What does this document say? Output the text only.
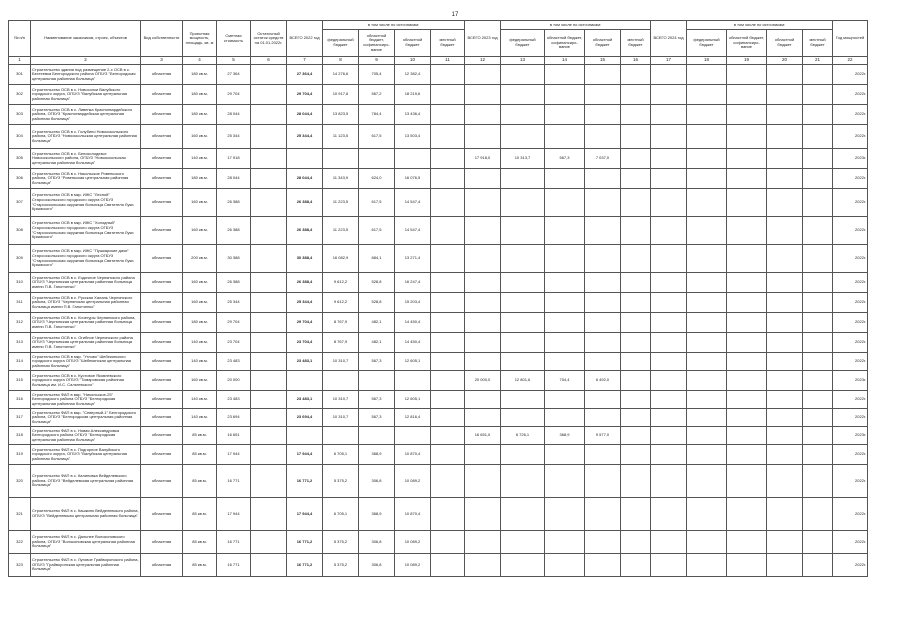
17
№ п/п	Наименование заказчиков, строек, объектов	Вид собственности	Проектная мощность, площадь, кв. м	Сметная стоимость	Остаточный остаток средств на 01.01.2022г.	ВСЕГО 2022 год	в том числе по источникам:				ВСЕГО 2023 год	в том числе по источникам:				ВСЕГО 2024 год	в том числе по источникам:				Год мощностей
							федеральный бюджет	областной бюджет, софинансиро-вание	областной бюджет	местный бюджет		федеральный бюджет	областной бюджет, софинансиро-вание	областной бюджет	местный бюджет		федеральный бюджет	областной бюджет, софинансиро-вание	областной бюджет	местный бюджет	
1	2	3	4	5	6	7	8	9	10	11	12	13	14	15	16	17	18	19	20	21	22
301	Строительство здания под размещение 2-х ОСВ в с. Бехтеевка Белгородского района ОГБУЗ "Белгородская центральная районная больница"	областная	180 кв.м.	27 364		27 364,4	14 276,6	705,4	12 382,4												2022г.
302	Строительство ОСВ в с. Новосолки Валуйского городского округа, ОГБУЗ "Валуйская центральная районная больница"	областная	180 кв.м.	29 704		29 704,4	10 917,6	567,2	18 219,6												2022г.
303	Строительство ОСВ в с. Ливенка Красногвардейского района, ОГБУЗ "Красногвардейская центральная районная больница"	областная	180 кв.м.	28 044		28 044,4	13 823,5	784,4	13 436,4												2022г.
304	Строительство ОСВ в с. Голубино Новооскольского района, ОГБУЗ "Новооскольская центральная районная больница"	областная	160 кв.м.	25 344		25 344,4	11 123,5	617,5	13 503,4												2022г.
305	Строительство ОСВ в с. Белоколодезье Новооскольского района, ОГБУЗ "Новооскольская центральная районная больница"	областная	140 кв.м.	17 918							17 918,0	10 313,7	567,3	7 037,0							2023г.
306	Строительство ОСВ в с. Никольское Ровеньского района, ОГБУЗ "Ровеньская центральная районная больница"	областная	180 кв.м.	28 044		28 044,4	11 343,9	624,0	16 076,5												2022г.
307	Строительство ОСВ в мкр. ИЖС "Лесной" Старооскольского городского округа ОГБУЗ "Старооскольская окружная больница Святителя Луки Крымского"	областная	160 кв.м.	26 388		26 388,4	11 223,5	617,5	14 547,4												2022г.
308	Строительство ОСВ в мкр. ИЖС "Холодный" Старооскольского городского округа ОГБУЗ "Старооскольская окружная больница Святителя Луки Крымского"	областная	160 кв.м.	26 388		26 388,4	11 223,5	617,5	14 547,4												2022г.
309	Строительство ОСВ в мкр. ИЖС "Пушкарские дачи" Старооскольского городского округа ОГБУЗ "Старооскольская окружная больница Святителя Луки Крымского"	областная	200 кв.м.	30 388		30 388,4	16 082,9	884,1	13 271,4												2022г.
310	Строительство ОСВ в с. Ездочное Чернянского района ОГБУЗ "Чернянская центральная районная больница имени П.В. Гапотченко"	областная	160 кв.м.	26 388		26 388,4	9 612,2	528,8	16 247,4												2022г.
311	Строительство ОСВ в с. Русская Халань Чернянского района, ОГБУЗ "Чернянская центральная районная больница имени П.В. Гапотченко"	областная	160 кв.м.	25 344		25 344,4	9 612,2	528,8	15 203,4												2022г.
312	Строительство ОСВ в с. Кочегуры Чернянского района, ОГБУЗ "Чернянская центральная районная больница имени П.В. Гапотченко"	областная	180 кв.м.	29 704		29 704,4	8 767,9	482,1	14 450,4												2022г.
313	Строительство ОСВ в с. Огибное Чернянского района ОГБУЗ "Чернянская центральная районная больница имени П.В. Гапотченко"	областная	140 кв.м.	23 704		23 704,4	8 767,9	482,1	14 450,4												2022г.
314	Строительство ОСВ в мкр. "Углово" Шебекинского городского округа ОГБУЗ "Шебекинская центральная районная больница"	областная	140 кв.м.	23 483		23 483,1	10 310,7	567,3	12 605,1												2022г.
315	Строительство ОСВ в с. Кустовое Яковлевского городского округа ОГБУЗ "Томаровская районная больница им. И.С. Сальтевского"	областная	160 кв.м.	20 000							20 000,0	12 801,6	704,4	6 492,0							2023г.
316	Строительство ФАП в мкр. "Никольское-25" Белгородского района ОГБУЗ "Белгородская центральная районная больница"	областная	140 кв.м.	23 483		23 483,1	10 310,7	567,3	12 605,1												2022г.
317	Строительство ФАП в мкр. "Северный-1" Белгородского района, ОГБУЗ "Белгородская центральная районная больница"	областная	140 кв.м.	23 694		23 694,4	10 310,7	567,3	12 816,4												2022г.
318	Строительство ФАП в с. Новая Александровка Белгородского района ОГБУЗ "Белгородская центральная районная больница"	областная	85 кв.м.	16 651							16 651,0	6 726,1	368,9	9 577,0							2023г.
319	Строительство ФАП в с. Подгорное Валуйского городского округа, ОГБУЗ "Валуйская центральная районная больница"	областная	85 кв.м.	17 944		17 944,4	6 705,1	368,9	10 870,4												2022г.
320	Строительство ФАП в с. Калиновка Вейделевского района, ОГБУЗ "Вейделевская центральная районная больница"	областная	85 кв.м.	16 771		16 771,2	5 375,2	306,8	10 089,2												2022г.
321	Строительство ФАП в с. Кашкино Вейделевского района, ОГБУЗ "Вейделевская центральная районная больница"	областная	85 кв.м.	17 944		17 944,4	6 705,1	368,9	10 870,4												2022г.
322	Строительство ФАП в с. Дальнее Волоконовского района, ОГБУЗ "Волоконовская центральная районная больница"	областная	85 кв.м.	16 771		16 771,2	5 375,2	306,8	10 089,2												2022г.
323	Строительство ФАП в с. Луговое Грайворонского района, ОГБУЗ "Грайворонская центральная районная больница"	областная	85 кв.м.	16 771		16 771,2	5 375,2	306,8	10 089,2												2022г.
